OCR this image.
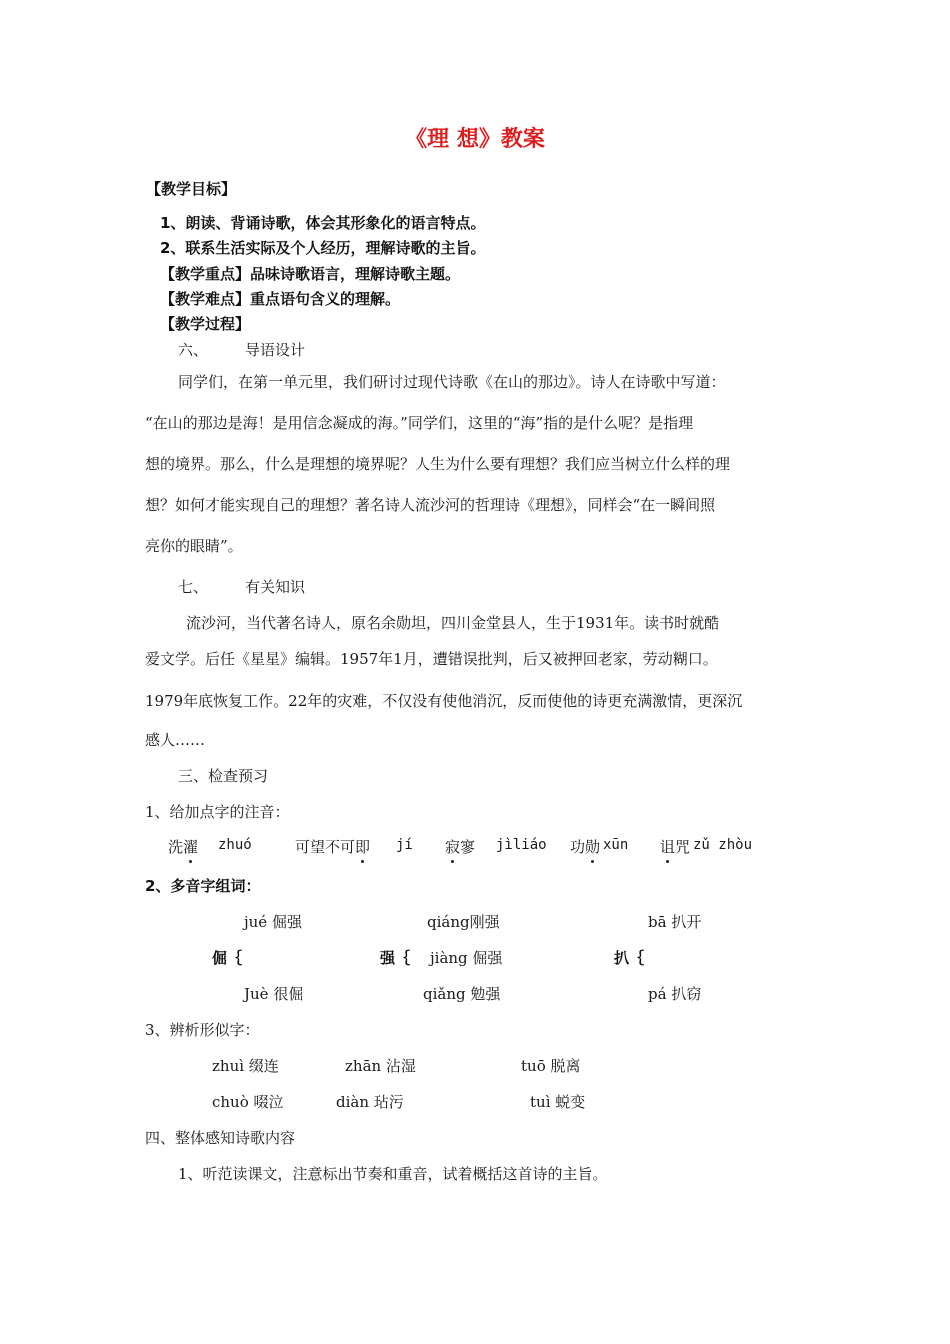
《理 想》教案
【教学目标】
1、朗读、背诵诗歌，体会其形象化的语言特点。
2、联系生活实际及个人经历，理解诗歌的主旨。
【教学重点】品味诗歌语言，理解诗歌主题。
【教学难点】重点语句含义的理解。
【教学过程】
六、 导语设计
同学们，在第一单元里，我们研讨过现代诗歌《在山的那边》。诗人在诗歌中写道：
“在山的那边是海！是用信念凝成的海。”同学们，这里的“海”指的是什么呢？是指理
想的境界。那么，什么是理想的境界呢？人生为什么要有理想？我们应当树立什么样的理
想？如何才能实现自己的理想？著名诗人流沙河的哲理诗《理想》，同样会“在一瞬间照
亮你的眼睛”。
七、 有关知识
流沙河，当代著名诗人，原名余勋坦，四川金堂县人，生于1931年。读书时就酷
爱文学。后任《星星》编辑。1957年1月，遭错误批判，后又被押回老家，劳动糊口。
1979年底恢复工作。22年的灾难，不仅没有使他消沉，反而使他的诗更充满激情，更深沉
感人……
三、检查预习
1、给加点字的注音：
洗濯 zhuó	可望不可即 jí 寂寥 jìliáo 功勋 xūn 诅咒 zǔ zhòu
2、多音字组词：
jué 倔强	qiáng刚强	bā 扒开
倔｛	强｛ jiàng 倔强	扒｛
Juè 很倔	qiǎng 勉强	pá 扒窃
3、辨析形似字：
zhuì 缀连	zhān 沾湿	tuō 脱离
chuò 啜泣	diàn 玷污	tuì 蜕变
四、整体感知诗歌内容
1、听范读课文，注意标出节奏和重音，试着概括这首诗的主旨。
